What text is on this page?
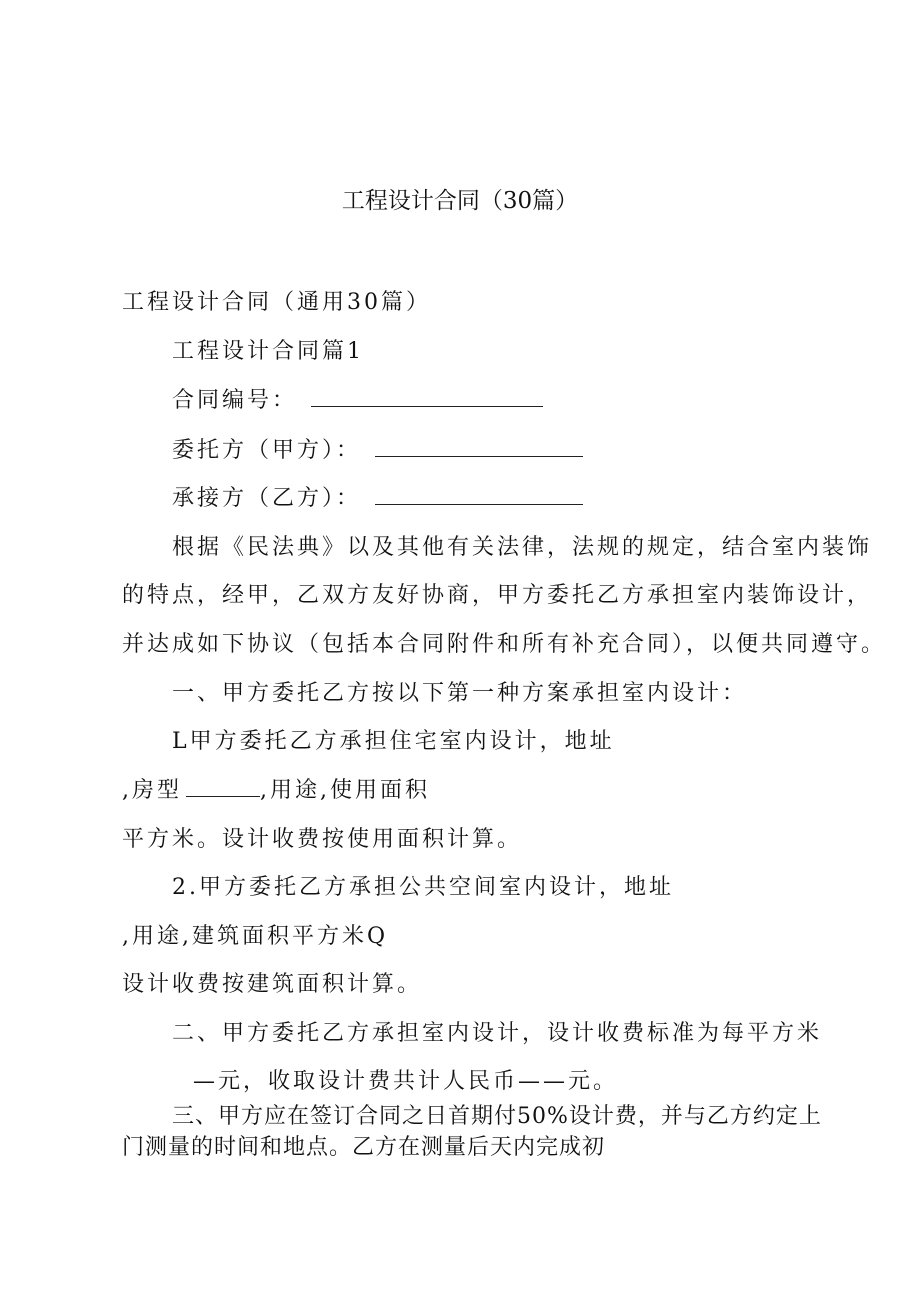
工程设计合同（30篇）
工程设计合同（通用30篇）
工程设计合同篇1
合同编号：
委托方（甲方）：
承接方（乙方）：
根据《民法典》以及其他有关法律，法规的规定，结合室内装饰
的特点，经甲，乙双方友好协商，甲方委托乙方承担室内装饰设计，
并达成如下协议（包括本合同附件和所有补充合同），以便共同遵守。
一、甲方委托乙方按以下第一种方案承担室内设计：
L甲方委托乙方承担住宅室内设计，地址
,房型	,用途,使用面积
平方米。设计收费按使用面积计算。
2.甲方委托乙方承担公共空间室内设计，地址
,用途,建筑面积平方米Q
设计收费按建筑面积计算。
二、甲方委托乙方承担室内设计，设计收费标准为每平方米
—元，收取设计费共计人民币——元。
三、甲方应在签订合同之日首期付50%设计费，并与乙方约定上
门测量的时间和地点。乙方在测量后天内完成初
